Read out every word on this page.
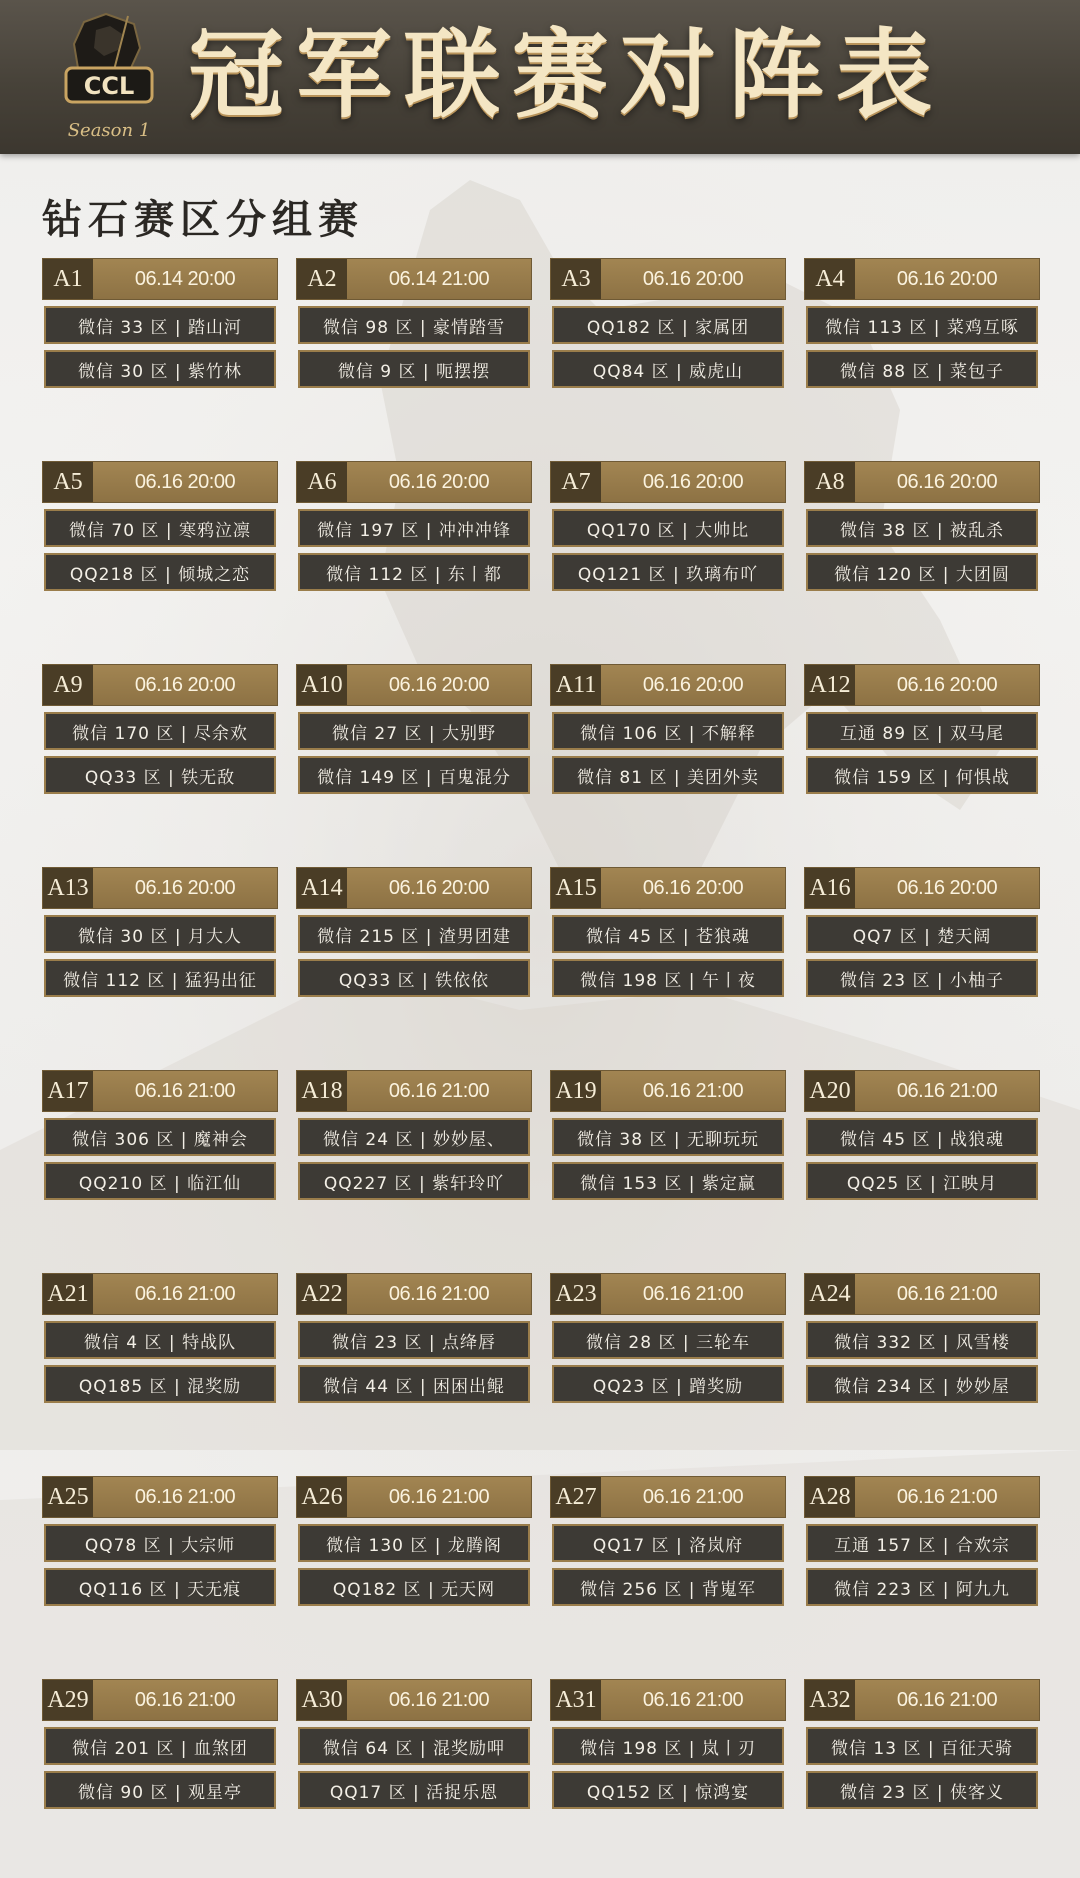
CCL
Season 1 冠军联赛对阵表
钻石赛区分组赛
A1	06.14 20:00
微信 33 区 | 踏山河
微信 30 区 | 紫竹林
A2	06.14 21:00
微信 98 区 | 豪情踏雪
微信 9 区 | 呃摆摆
A3	06.16 20:00
QQ182 区 | 家属团
QQ84 区 | 威虎山
A4	06.16 20:00
微信 113 区 | 菜鸡互啄
微信 88 区 | 菜包子
A5	06.16 20:00
微信 70 区 | 寒鸦泣凛
QQ218 区 | 倾城之恋
A6	06.16 20:00
微信 197 区 | 冲冲冲锋
微信 112 区 | 东丨都
A7	06.16 20:00
QQ170 区 | 大帅比
QQ121 区 | 玖璃布吖
A8	06.16 20:00
微信 38 区 | 被乱杀
微信 120 区 | 大团圆
A9	06.16 20:00
微信 170 区 | 尽余欢
QQ33 区 | 铁无敌
A10	06.16 20:00
微信 27 区 | 大别野
微信 149 区 | 百鬼混分
A11	06.16 20:00
微信 106 区 | 不解释
微信 81 区 | 美团外卖
A12	06.16 20:00
互通 89 区 | 双马尾
微信 159 区 | 何惧战
A13	06.16 20:00
微信 30 区 | 月大人
微信 112 区 | 猛犸出征
A14	06.16 20:00
微信 215 区 | 渣男团建
QQ33 区 | 铁依依
A15	06.16 20:00
微信 45 区 | 苍狼魂
微信 198 区 | 午丨夜
A16	06.16 20:00
QQ7 区 | 楚天阔
微信 23 区 | 小柚子
A17	06.16 21:00
微信 306 区 | 魔神会
QQ210 区 | 临江仙
A18	06.16 21:00
微信 24 区 | 妙妙屋、
QQ227 区 | 紫轩玲吖
A19	06.16 21:00
微信 38 区 | 无聊玩玩
微信 153 区 | 紫定赢
A20	06.16 21:00
微信 45 区 | 战狼魂
QQ25 区 | 江映月
A21	06.16 21:00
微信 4 区 | 特战队
QQ185 区 | 混奖励
A22	06.16 21:00
微信 23 区 | 点绛唇
微信 44 区 | 困困出鲲
A23	06.16 21:00
微信 28 区 | 三轮车
QQ23 区 | 蹭奖励
A24	06.16 21:00
微信 332 区 | 风雪楼
微信 234 区 | 妙妙屋
A25	06.16 21:00
QQ78 区 | 大宗师
QQ116 区 | 天无痕
A26	06.16 21:00
微信 130 区 | 龙腾阁
QQ182 区 | 无天网
A27	06.16 21:00
QQ17 区 | 洛岚府
微信 256 区 | 背嵬军
A28	06.16 21:00
互通 157 区 | 合欢宗
微信 223 区 | 阿九九
A29	06.16 21:00
微信 201 区 | 血煞团
微信 90 区 | 观星亭
A30	06.16 21:00
微信 64 区 | 混奖励呷
QQ17 区 | 活捉乐恩
A31	06.16 21:00
微信 198 区 | 岚丨刃
QQ152 区 | 惊鸿宴
A32	06.16 21:00
微信 13 区 | 百征天骑
微信 23 区 | 侠客义
